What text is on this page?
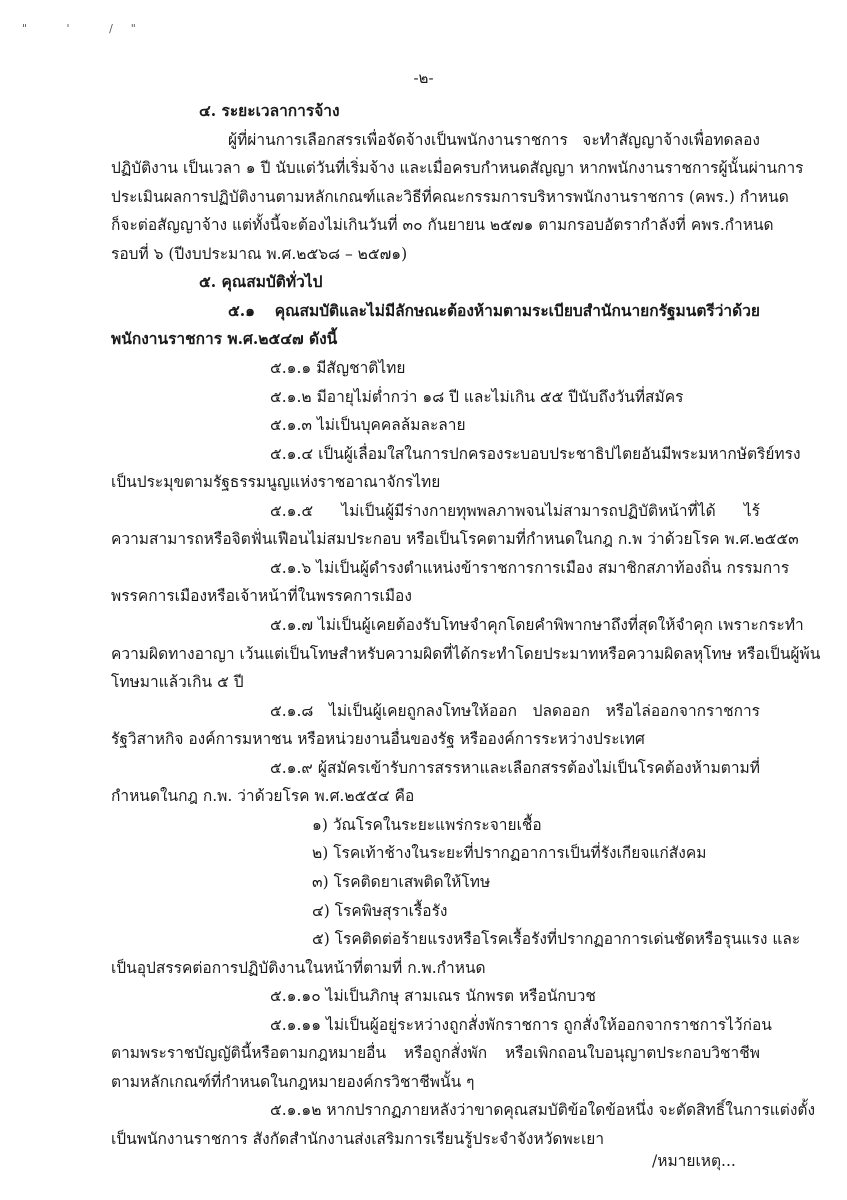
" ' /"
-๒-
๔. ระยะเวลาการจ้าง
ผู้ที่ผ่านการเลือกสรรเพื่อจัดจ้างเป็นพนักงานราชการ จะทำสัญญาจ้างเพื่อทดลอง
ปฏิบัติงาน เป็นเวลา ๑ ปี นับแต่วันที่เริ่มจ้าง และเมื่อครบกำหนดสัญญา หากพนักงานราชการผู้นั้นผ่านการ
ประเมินผลการปฏิบัติงานตามหลักเกณฑ์และวิธีที่คณะกรรมการบริหารพนักงานราชการ (คพร.) กำหนด
ก็จะต่อสัญญาจ้าง แต่ทั้งนี้จะต้องไม่เกินวันที่ ๓๐ กันยายน ๒๕๗๑ ตามกรอบอัตรากำลังที่ คพร.กำหนด
รอบที่ ๖ (ปีงบประมาณ พ.ศ.๒๕๖๘ – ๒๕๗๑)
๕. คุณสมบัติทั่วไป
๕.๑ คุณสมบัติและไม่มีลักษณะต้องห้ามตามระเบียบสำนักนายกรัฐมนตรีว่าด้วย
พนักงานราชการ พ.ศ.๒๕๔๗ ดังนี้
๕.๑.๑ มีสัญชาติไทย
๕.๑.๒ มีอายุไม่ต่ำกว่า ๑๘ ปี และไม่เกิน ๕๕ ปีนับถึงวันที่สมัคร
๕.๑.๓ ไม่เป็นบุคคลล้มละลาย
๕.๑.๔ เป็นผู้เลื่อมใสในการปกครองระบอบประชาธิปไตยอันมีพระมหากษัตริย์ทรง
เป็นประมุขตามรัฐธรรมนูญแห่งราชอาณาจักรไทย
๕.๑.๕ ไม่เป็นผู้มีร่างกายทุพพลภาพจนไม่สามารถปฏิบัติหน้าที่ได้ ไร้
ความสามารถหรือจิตฟั่นเฟือนไม่สมประกอบ หรือเป็นโรคตามที่กำหนดในกฎ ก.พ ว่าด้วยโรค พ.ศ.๒๕๕๓
๕.๑.๖ ไม่เป็นผู้ดำรงตำแหน่งข้าราชการการเมือง สมาชิกสภาท้องถิ่น กรรมการ
พรรคการเมืองหรือเจ้าหน้าที่ในพรรคการเมือง
๕.๑.๗ ไม่เป็นผู้เคยต้องรับโทษจำคุกโดยคำพิพากษาถึงที่สุดให้จำคุก เพราะกระทำ
ความผิดทางอาญา เว้นแต่เป็นโทษสำหรับความผิดที่ได้กระทำโดยประมาทหรือความผิดลหุโทษ หรือเป็นผู้พ้น
โทษมาแล้วเกิน ๕ ปี
๕.๑.๘ ไม่เป็นผู้เคยถูกลงโทษให้ออก ปลดออก หรือไล่ออกจากราชการ
รัฐวิสาหกิจ องค์การมหาชน หรือหน่วยงานอื่นของรัฐ หรือองค์การระหว่างประเทศ
๕.๑.๙ ผู้สมัครเข้ารับการสรรหาและเลือกสรรต้องไม่เป็นโรคต้องห้ามตามที่
กำหนดในกฎ ก.พ. ว่าด้วยโรค พ.ศ.๒๕๕๔ คือ
๑) วัณโรคในระยะแพร่กระจายเชื้อ
๒) โรคเท้าช้างในระยะที่ปรากฏอาการเป็นที่รังเกียจแก่สังคม
๓) โรคติดยาเสพติดให้โทษ
๔) โรคพิษสุราเรื้อรัง
๕) โรคติดต่อร้ายแรงหรือโรคเรื้อรังที่ปรากฏอาการเด่นชัดหรือรุนแรง และ
เป็นอุปสรรคต่อการปฏิบัติงานในหน้าที่ตามที่ ก.พ.กำหนด
๕.๑.๑๐ ไม่เป็นภิกษุ สามเณร นักพรต หรือนักบวช
๕.๑.๑๑ ไม่เป็นผู้อยู่ระหว่างถูกสั่งพักราชการ ถูกสั่งให้ออกจากราชการไว้ก่อน
ตามพระราชบัญญัตินี้หรือตามกฎหมายอื่น หรือถูกสั่งพัก หรือเพิกถอนใบอนุญาตประกอบวิชาชีพ
ตามหลักเกณฑ์ที่กำหนดในกฎหมายองค์กรวิชาชีพนั้น ๆ
๕.๑.๑๒ หากปรากฏภายหลังว่าขาดคุณสมบัติข้อใดข้อหนึ่ง จะตัดสิทธิ์ในการแต่งตั้ง
เป็นพนักงานราชการ สังกัดสำนักงานส่งเสริมการเรียนรู้ประจำจังหวัดพะเยา
/หมายเหตุ...
